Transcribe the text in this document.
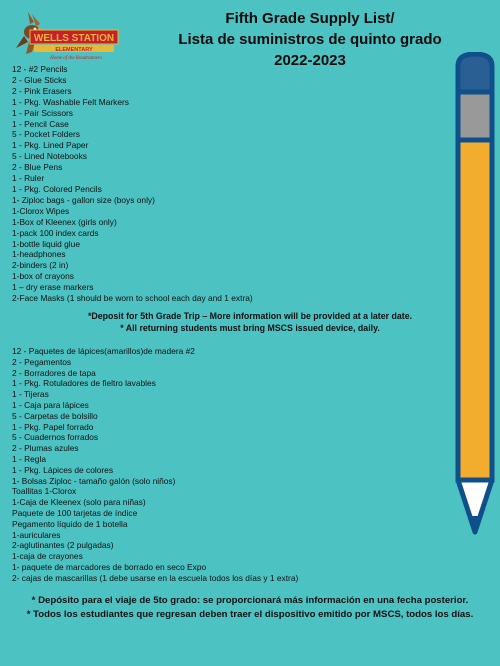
WELLS STATION
ELEMENTARY
Home of the Roadrunners
Fifth Grade Supply List/
Lista de suministros de quinto grado
2022-2023
12 - #2 Pencils
2 - Glue Sticks
2 - Pink Erasers
1 - Pkg. Washable Felt Markers
1 - Pair Scissors
1 - Pencil Case
5 - Pocket Folders
1 - Pkg. Lined Paper
5 - Lined Notebooks
2 - Blue Pens
1 - Ruler
1 - Pkg. Colored Pencils
1- Ziploc bags - gallon size (boys only)
1-Clorox Wipes
1-Box of Kleenex (girls only)
1-pack 100 index cards
1-bottle liquid glue
1-headphones
2-binders (2 in)
1-box of crayons
1 – dry erase markers
2-Face Masks (1 should be worn to school each day and 1 extra)
*Deposit for 5th Grade Trip – More information will be provided at a later date.
* All returning students must bring MSCS issued device, daily.
12 - Paquetes de lápices(amarillos)de madera #2
2 - Pegamentos
2 - Borradores de tapa
1 - Pkg. Rotuladores de fieltro lavables
1 - Tijeras
1 - Caja para lápices
5 - Carpetas de bolsillo
1 - Pkg. Papel forrado
5 - Cuadernos forrados
2 - Plumas azules
1 - Regla
1 - Pkg. Lápices de colores
1- Bolsas Ziploc - tamaño galón (solo niños)
Toallitas 1-Clorox
1-Caja de Kleenex (solo para niñas)
Paquete de 100 tarjetas de índice
Pegamento líquido de 1 botella
1-auriculares
2-aglutinantes (2 pulgadas)
1-caja de crayones
1- paquete de marcadores de borrado en seco Expo
2- cajas de mascarillas (1 debe usarse en la escuela todos los días y 1 extra)
* Depósito para el viaje de 5to grado: se proporcionará más información en una fecha posterior.
* Todos los estudiantes que regresan deben traer el dispositivo emitido por MSCS, todos los días.
